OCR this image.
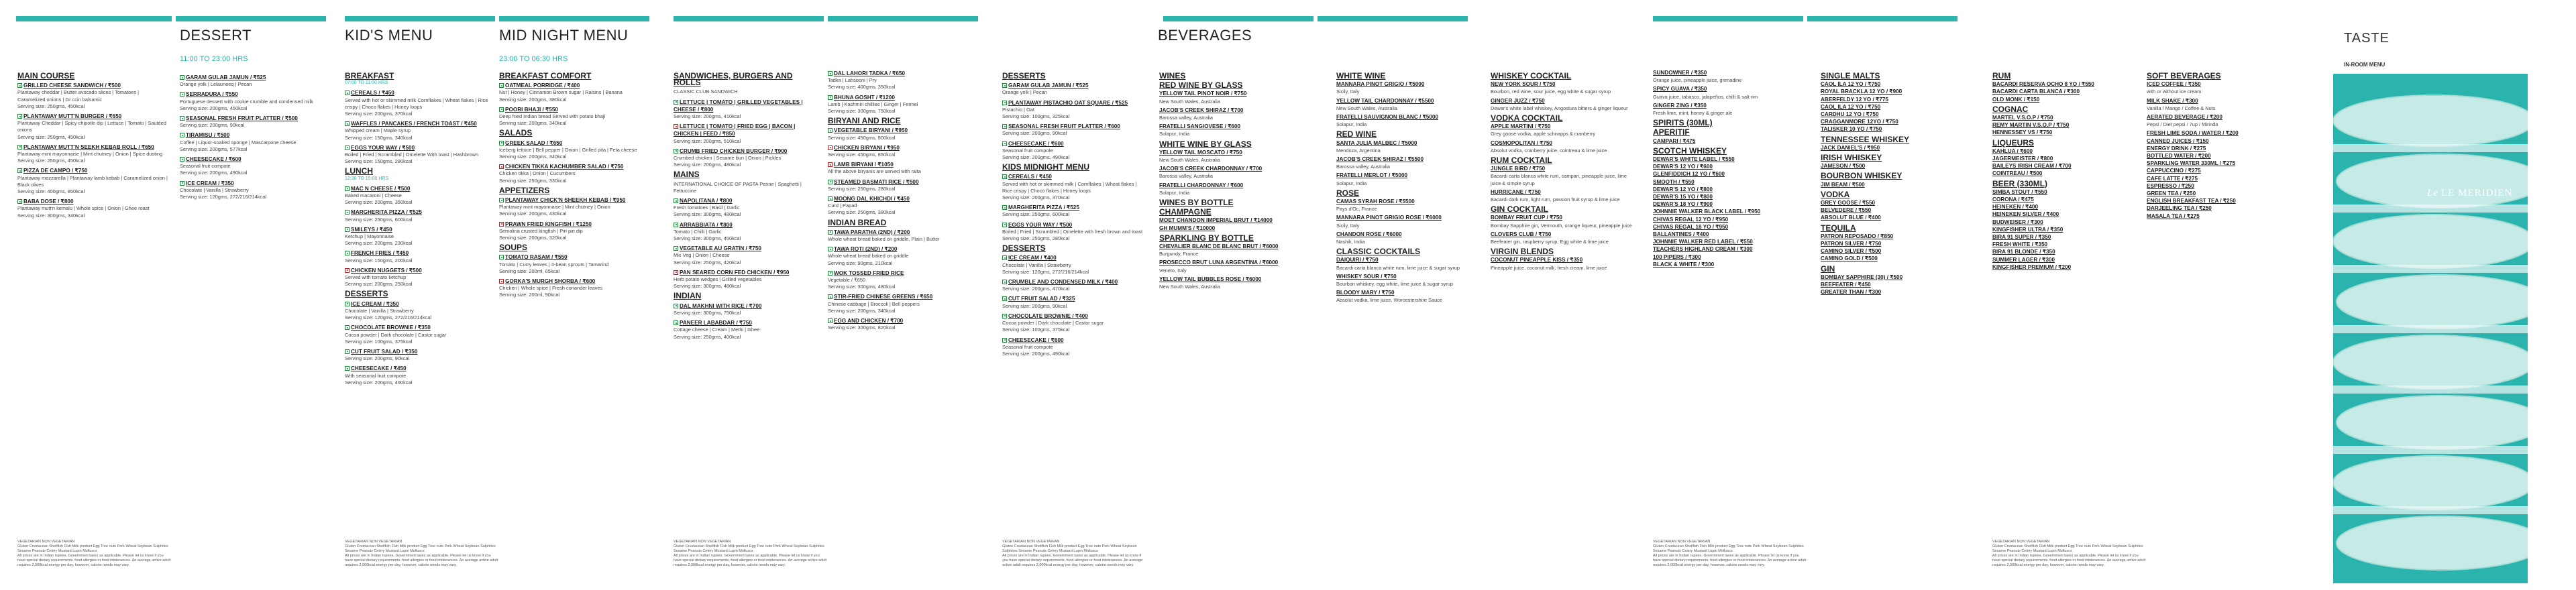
DESSERT
11:00 TO 23:00 HRS
KID'S MENU	MID NIGHT MENU
23:00 TO 06:30 HRS
BEVERAGES
MAIN COURSE
GRILLED CHEESE SANDWICH / ₹500
Plantaway cheddar | Butter avocado slices | Tomatoes | Caramelized onions | Gr ccin balsamic
Serving size: 250gms, 450kcal
PLANTAWAY MUTT'N BURGER / ₹650
Plantaway Cheddar | Spicy chipotle dip | Lettuce | Tomato | Sautéed onions
Serving size: 250gms, 450kcal
PLANTAWAY MUTT'N SEEKH KEBAB ROLL / ₹650
Plantaway mint mayonnaise | Mint chutney | Onion | Spice dusting
Serving size: 250gms, 450kcal
PIZZA DE CAMPO / ₹750
Plantaway mozzarella | Plantaway lamb kebab | Caramelized onion | Black olives
Serving size: 400gms, 850kcal
BABA DOSE / ₹800
Plantaway mutt'n kemalu | Whole spice | Onion | Ghee roast
Serving size: 300gms, 340kcal
GARAM GULAB JAMUN / ₹525
Orange yolk | Lelauneeq | Pecan
SERRADURA / ₹550
Portuguese dessert with cookie crumble and condensed milk
Serving size: 200gms, 450kcal
SEASONAL FRESH FRUIT PLATTER / ₹500
Serving size: 200gms, 90kcal
TIRAMISU / ₹500
Coffee | Liquor-soaked sponge | Mascarpone cheese
Serving size: 200gms, 577kcal
CHEESECAKE / ₹600
Seasonal fruit compote
Serving size: 200gms, 490kcal
ICE CREAM / ₹350
Chocolate | Vanilla | Strawberry
Serving size: 120gms, 272/216/214kcal
BREAKFAST
07:00 TO 11:00 HRS
CEREALS / ₹450
Served with hot or skimmed milk Cornflakes | Wheat flakes | Rice crispy | Choco flakes | Honey loops
Serving size: 200gms, 370kcal
WAFFLES / PANCAKES / FRENCH TOAST / ₹450
Whipped cream | Maple syrup
Serving size: 150gms, 340kcal
EGGS YOUR WAY / ₹500
Boiled | Fried | Scrambled | Omelette With toast | Hashbrown
Serving size: 150gms, 280kcal
LUNCH
12:30 TO 15:00 HRS
MAC N CHEESE / ₹500
Baked macaroni | Cheese
Serving size: 200gms, 350kcal
MARGHERITA PIZZA / ₹525
Serving size: 250gms, 600kcal
SMILEYS / ₹450
Ketchup | Mayonnaise
Serving size: 200gms, 230kcal
FRENCH FRIES / ₹450
Serving size: 150gms, 200kcal
CHICKEN NUGGETS / ₹500
Served with tomato ketchup
Serving size: 200gms, 250kcal
DESSERTS
ICE CREAM / ₹350
Chocolate | Vanilla | Strawberry
Serving size: 120gms, 272/216/214kcal
CHOCOLATE BROWNIE / ₹350
Cocoa powder | Dark chocolate | Castor sugar
Serving size: 100gms, 375kcal
CUT FRUIT SALAD / ₹350
Serving size: 200gms, 90kcal
CHEESECAKE / ₹450
With seasonal fruit compote
Serving size: 200gms, 490kcal
BREAKFAST COMFORT
OATMEAL PORRIDGE / ₹400
Nut | Honey | Cinnamon Brown sugar | Raisins | Banana
Serving size: 200gms, 380kcal
POORI BHAJI / ₹550
Deep fried Indian bread Served with potato bhaji
Serving size: 200gms, 340kcal
SALADS
GREEK SALAD / ₹650
Iceberg lettuce | Bell pepper | Onion | Grilled pita | Feta cheese
Serving size: 200gms, 340kcal
CHICKEN TIKKA KACHUMBER SALAD / ₹750
Chicken tikka | Onion | Cucumbers
Serving size: 250gms, 330kcal
APPETIZERS
PLANTAWAY CHICK'N SHEEKH KEBAB / ₹950
Plantaway mint mayonnaise | Mint chutney | Onion
Serving size: 200gms, 430kcal
PRAWN FRIED KINGFISH / ₹1250
Semolina crusted kingfish | Piri piri dip
Serving size: 200gms, 320kcal
SOUPS
TOMATO RASAM / ₹550
Tomato | Curry leaves | 3-bean sprouts | Tamarind
Serving size: 200ml, 65kcal
GORKA'S MURGH SHORBA / ₹600
Chicken | Whole spice | Fresh coriander leaves
Serving size: 200ml, 90kcal
SANDWICHES, BURGERS AND ROLLS
CLASSIC CLUB SANDWICH
LETTUCE | TOMATO | GRILLED VEGETABLES | CHEESE / ₹800
Serving size: 200gms, 410kcal
LETTUCE | TOMATO | FRIED EGG | BACON | CHICKEN | FEED / ₹850
Serving size: 200gms, 510kcal
CRUMB FRIED CHICKEN BURGER / ₹900
Crumbed chicken | Sesame bun | Onion | Pickles
Serving size: 200gms, 480kcal
MAINS
INTERNATIONAL CHOICE OF PASTA Penne | Spaghetti | Fettuccine
NAPOLITANA / ₹800
Fresh tomatoes | Basil | Garlic
Serving size: 300gms, 480kcal
ARRABBIATA / ₹800
Tomato | Chilli | Garlic
Serving size: 300gms, 450kcal
VEGETABLE AU GRATIN / ₹750
Mix Veg | Onion | Cheese
Serving size: 250gms, 420kcal
PAN SEARED CORN FED CHICKEN / ₹950
Herb potato wedges | Grilled vegetables
Serving size: 300gms, 480kcal
INDIAN
DAL MAKHNI WITH RICE / ₹700
Serving size: 300gms, 750kcal
PANEER LABABDAR / ₹750
Cottage cheese | Cream | Methi | Ghee
Serving size: 250gms, 400kcal
DAL LAHORI TADKA / ₹650
Tadka | Lahsooni | Pry
Serving size: 400gms, 350kcal
BHUNA GOSHT / ₹1200
Lamb | Kashmiri chillies | Ginger | Fennel
Serving size: 300gms, 750kcal
BIRYANI AND RICE
VEGETABLE BIRYANI / ₹950
Serving size: 450gms, 800kcal
CHICKEN BIRYANI / ₹950
Serving size: 450gms, 850kcal
LAMB BIRYANI / ₹1050
All the above biryanis are served with raita
STEAMED BASMATI RICE / ₹500
Serving size: 250gms, 280kcal
MOONG DAL KHICHDI / ₹450
Curd | Papad
Serving size: 250gms, 380kcal
INDIAN BREAD
TAWA PARATHA (2ND) / ₹200
Whole wheat bread baked on griddle, Plain | Butter
TAWA ROTI (2ND) / ₹200
Whole wheat bread baked on griddle
Serving size: 90gms, 210kcal
WOK TOSSED FRIED RICE
Vegetable / ₹650
Serving size: 300gms, 480kcal
STIR-FRIED CHINESE GREENS / ₹650
Chinese cabbage | Broccoli | Bell peppers
Serving size: 200gms, 340kcal
EGG AND CHICKEN / ₹700
Serving size: 300gms, 820kcal
DESSERTS
GARAM GULAB JAMUN / ₹525
Orange yolk | Pecan
PLANTAWAY PISTACHIO OAT SQUARE / ₹525
Pistachio | Oat
Serving size: 100gms, 325kcal
SEASONAL FRESH FRUIT PLATTER / ₹600
Serving size: 200gms, 90kcal
CHEESECAKE / ₹600
Seasonal fruit compote
Serving size: 200gms, 490kcal
KIDS MIDNIGHT MENU
CEREALS / ₹450
Served with hot or skimmed milk | Cornflakes | Wheat flakes | Rice crispy | Choco flakes | Honey loops
Serving size: 200gms, 370kcal
MARGHERITA PIZZA / ₹525
Serving size: 250gms, 600kcal
EGGS YOUR WAY / ₹500
Boiled | Fried | Scrambled | Omelette with fresh brown and toast
Serving size: 250gms, 280kcal
DESSERTS
ICE CREAM / ₹400
Chocolate | Vanilla | Strawberry
Serving size: 120gms, 272/216/214kcal
CRUMBLE AND CONDENSED MILK / ₹400
Serving size: 200gms, 470kcal
CUT FRUIT SALAD / ₹325
Serving size: 200gms, 90kcal
CHOCOLATE BROWNIE / ₹400
Cocoa powder | Dark chocolate | Castor sugar
Serving size: 100gms, 375kcal
CHEESECAKE / ₹600
Seasonal fruit compote
Serving size: 200gms, 490kcal
WINES
RED WINE BY GLASS
YELLOW TAIL PINOT NOIR / ₹750
New South Wales, Australia
JACOB'S CREEK SHIRAZ / ₹700
Barossa valley, Australia
FRATELLI SANGIOVESE / ₹600
Solapur, India
WHITE WINE BY GLASS
YELLOW TAIL MOSCATO / ₹750
New South Wales, Australia
JACOB'S CREEK CHARDONNAY / ₹700
Barossa valley, Australia
FRATELLI CHARDONNAY / ₹600
Solapur, India
WINES BY BOTTLE
CHAMPAGNE
MOET CHANDON IMPERIAL BRUT / ₹14000
GH MUMM'S / ₹10000
SPARKLING BY BOTTLE
CHEVALIER BLANC DE BLANC BRUT / ₹6000
Burgundy, France
PROSECCO BRUT LUNA ARGENTINA / ₹6000
Veneto, Italy
YELLOW TAIL BUBBLES ROSE / ₹6000
New South Wales, Australia
WHITE WINE
MANNARA PINOT GRIGIO / ₹5000
Sicily, Italy
YELLOW TAIL CHARDONNAY / ₹5500
New South Wales, Australia
FRATELLI SAUVIGNON BLANC / ₹5000
Solapur, India
RED WINE
SANTA JULIA MALBEC / ₹5000
Mendoza, Argentina
JACOB'S CREEK SHIRAZ / ₹5500
Barossa valley, Australia
FRATELLI MERLOT / ₹5000
Solapur, India
ROSE
CAMAS SYRAH ROSE / ₹5500
Pays d'Oc, France
MANNARA PINOT GRIGIO ROSE / ₹6000
Sicily, Italy
CHANDON ROSE / ₹6000
Nashik, India
CLASSIC COCKTAILS
DAIQUIRI / ₹750
Bacardi carta blanca white rum, lime juice & sugar syrup
WHISKEY SOUR / ₹750
Bourbon whiskey, egg white, lime juice & sugar syrup
BLOODY MARY / ₹750
Absolut vodka, lime juice, Worcestershire Sauce
WHISKEY COCKTAIL
NEW YORK SOUR / ₹750
Bourbon, red wine, sour juice, egg white & sugar syrup
GINGER JUZZ / ₹750
Dewar's white label whiskey, Angostura bitters & ginger liqueur
VODKA COCKTAIL
APPLE MARTINI / ₹750
Grey goose vodka, apple schnapps & cranberry
COSMOPOLITAN / ₹750
Absolut vodka, cranberry juice, cointreau & lime juice
RUM COCKTAIL
JUNGLE BIRD / ₹750
Bacardi carta blanca white rum, campari, pineapple juice, lime juice & simple syrup
HURRICANE / ₹750
Bacardi dark rum, light rum, passion fruit syrup & lime juice
GIN COCKTAIL
BOMBAY FRUIT CUP / ₹750
Bombay Sapphire gin, Vermouth, orange liqueur, pineapple juice
CLOVERS CLUB / ₹750
Beefeater gin, raspberry syrup, Egg white & lime juice
VIRGIN BLENDS
COCONUT PINEAPPLE KISS / ₹350
Pineapple juice, coconut milk, fresh cream, lime juice
SUNDOWNER / ₹350
Orange juice, pineapple juice, grenadine
SPICY GUAVA / ₹350
Guava juice, tabasco, jalapeños, chilli & salt rim
GINGER ZING / ₹350
Fresh lime, mint, honey & ginger ale
SPIRITS (30ML)
APERITIF
CAMPARI / ₹475
SCOTCH WHISKEY
DEWAR'S WHITE LABEL / ₹550
DEWAR'S 12 YO / ₹600
GLENFIDDICH 12 YO / ₹600
SMOOTH / ₹550
DEWAR'S 12 YO / ₹800
DEWAR'S 15 YO / ₹800
DEWAR'S 18 YO / ₹900
JOHNNIE WALKER BLACK LABEL / ₹950
CHIVAS REGAL 12 YO / ₹950
CHIVAS REGAL 18 YO / ₹950
BALLANTINES / ₹400
JOHNNIE WALKER RED LABEL / ₹550
TEACHERS HIGHLAND CREAM / ₹300
100 PIPERS / ₹300
BLACK & WHITE / ₹300
SINGLE MALTS
CAOL ILA 12 YO / ₹750
ROYAL BRACKLA 12 YO / ₹900
ABERFELDY 12 YO / ₹775
CAOL ILA 12 YO / ₹750
CARDHU 12 YO / ₹750
CRAGGANMORE 12YO / ₹750
TALISKER 10 YO / ₹750
TENNESSEE WHISKEY
JACK DANIEL'S / ₹950
IRISH WHISKEY
JAMESON / ₹500
BOURBON WHISKEY
JIM BEAM / ₹500
VODKA
GREY GOOSE / ₹550
BELVEDERE / ₹550
ABSOLUT BLUE / ₹400
TEQUILA
PATRON REPOSADO / ₹850
PATRON SILVER / ₹750
CAMINO SILVER / ₹500
CAMINO GOLD / ₹500
GIN
BOMBAY SAPPHIRE (30) / ₹500
BEEFEATER / ₹450
GREATER THAN / ₹300
RUM
BACARDI RESERVA OCHO 8 YO / ₹550
BACARDI CARTA BLANCA / ₹300
OLD MONK / ₹150
COGNAC
MARTEL V.S.O.P / ₹750
REMY MARTIN V.S.O.P / ₹750
HENNESSEY VS / ₹750
LIQUEURS
KAHLUA / ₹600
JAGERMEISTER / ₹800
BAILEYS IRISH CREAM / ₹700
COINTREAU / ₹500
BEER (330ML)
SIMBA STOUT / ₹550
CORONA / ₹475
HEINEKEN / ₹400
HEINEKEN SILVER / ₹400
BUDWEISER / ₹300
KINGFISHER ULTRA / ₹350
BIRA 91 SUPER / ₹350
FRESH WHITE / ₹350
BIRA 91 BLONDE / ₹350
SUMMER LAGER / ₹300
KINGFISHER PREMIUM / ₹200
SOFT BEVERAGES
ICED COFFEE / ₹350
with or without ice cream
MILK SHAKE / ₹300
Vanilla / Mango / Coffee & Nuts
AERATED BEVERAGE / ₹200
Pepsi / Diet pepsi / 7up / Mirinda
FRESH LIME SODA / WATER / ₹200
CANNED JUICES / ₹150
ENERGY DRINK / ₹275
BOTTLED WATER / ₹200
SPARKLING WATER 330ML / ₹275
CAPPUCCINO / ₹275
CAFE LATTE / ₹275
ESPRESSO / ₹250
GREEN TEA / ₹250
ENGLISH BREAKFAST TEA / ₹250
DARJEELING TEA / ₹250
MASALA TEA / ₹275
VEGETARIAN NON VEGETARIAN
Gluten Crustacean Shellfish Fish Milk product Egg Tree nuts Pork Wheat Soybean Sulphites Sesame Peanuts Celery Mustard Lupin Molluscs
All prices are in Indian rupees. Government taxes as applicable. Please let us know if you have special dietary requirements, food allergies or food intolerances. An average active adult requires 2,000kcal energy per day, however, calorie needs may vary.
VEGETARIAN NON VEGETARIAN
Gluten Crustacean Shellfish Fish Milk product Egg Tree nuts Pork Wheat Soybean Sulphites Sesame Peanuts Celery Mustard Lupin Molluscs
All prices are in Indian rupees. Government taxes as applicable. Please let us know if you have special dietary requirements, food allergies or food intolerances. An average active adult requires 2,000kcal energy per day, however, calorie needs may vary.
VEGETARIAN NON VEGETARIAN
Gluten Crustacean Shellfish Fish Milk product Egg Tree nuts Pork Wheat Soybean Sulphites Sesame Peanuts Celery Mustard Lupin Molluscs
All prices are in Indian rupees. Government taxes as applicable. Please let us know if you have special dietary requirements, food allergies or food intolerances. An average active adult requires 2,000kcal energy per day, however, calorie needs may vary.
VEGETARIAN NON VEGETARIAN
Gluten Crustacean Shellfish Fish Milk product Egg Tree nuts Pork Wheat Soybean Sulphites Sesame Peanuts Celery Mustard Lupin Molluscs
All prices are in Indian rupees. Government taxes as applicable. Please let us know if you have special dietary requirements, food allergies or food intolerances. An average active adult requires 2,000kcal energy per day, however, calorie needs may vary.
VEGETARIAN NON VEGETARIAN
Gluten Crustacean Shellfish Fish Milk product Egg Tree nuts Pork Wheat Soybean Sulphites Sesame Peanuts Celery Mustard Lupin Molluscs
All prices are in Indian rupees. Government taxes as applicable. Please let us know if you have special dietary requirements, food allergies or food intolerances. An average active adult requires 2,000kcal energy per day, however, calorie needs may vary.
VEGETARIAN NON VEGETARIAN
Gluten Crustacean Shellfish Fish Milk product Egg Tree nuts Pork Wheat Soybean Sulphites Sesame Peanuts Celery Mustard Lupin Molluscs
All prices are in Indian rupees. Government taxes as applicable. Please let us know if you have special dietary requirements, food allergies or food intolerances. An average active adult requires 2,000kcal energy per day, however, calorie needs may vary.
TASTE
IN-ROOM MENU
Le LE MERIDIEN
